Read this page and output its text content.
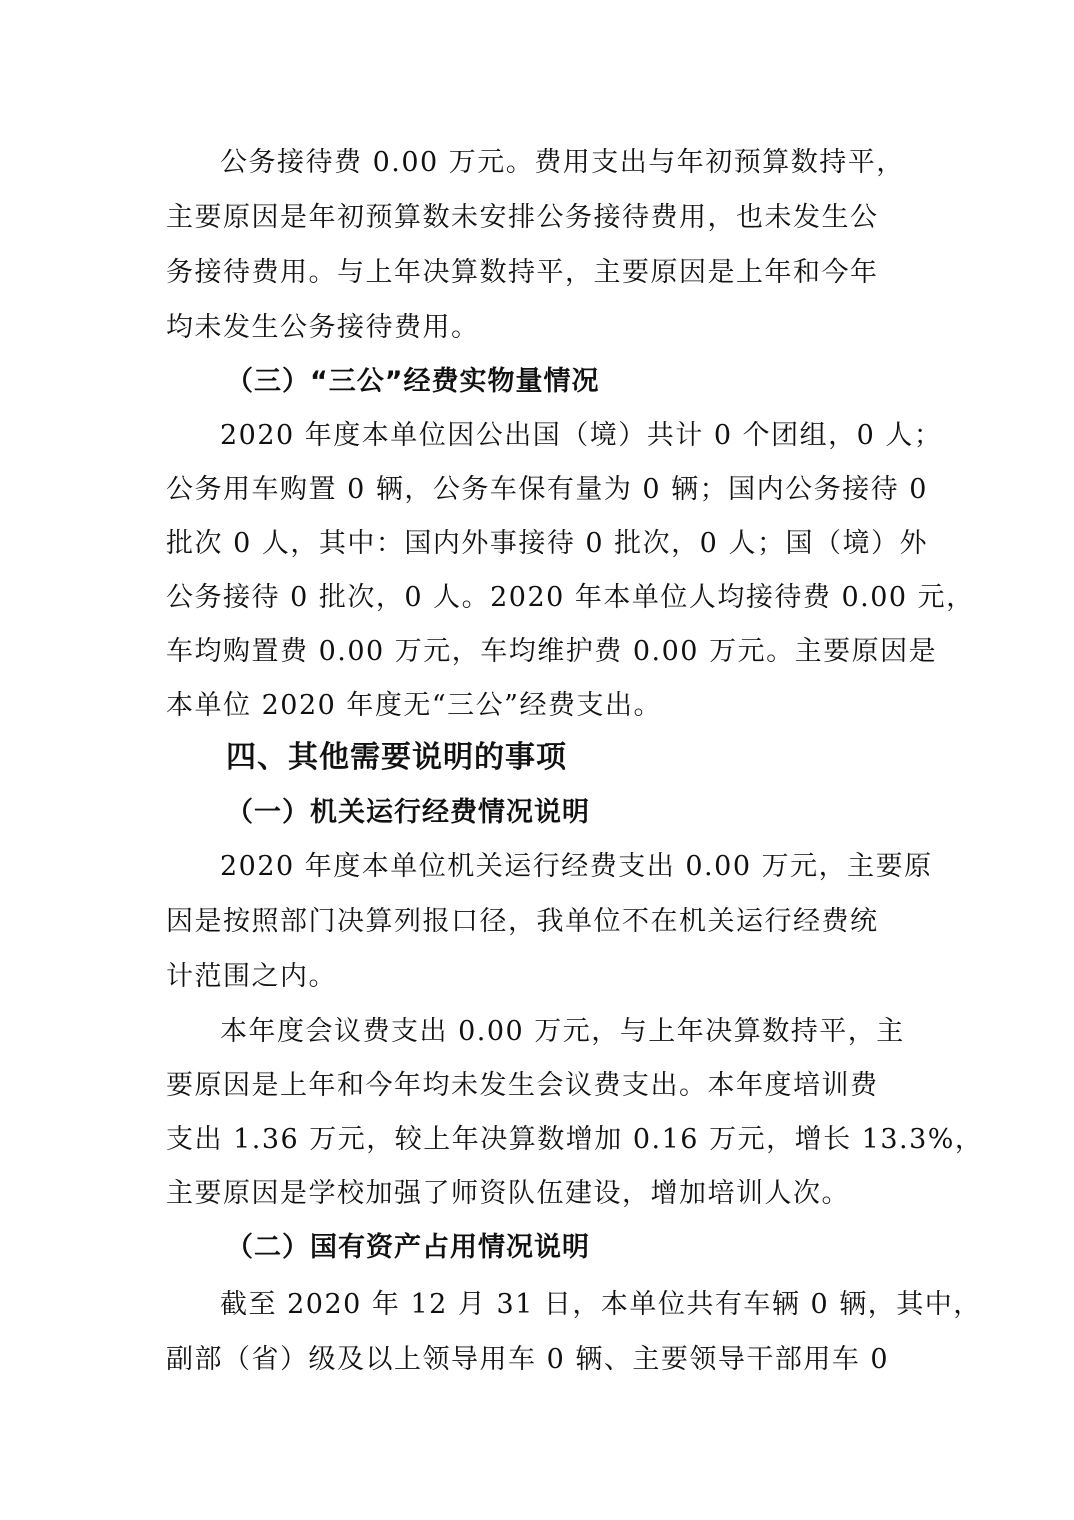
公务接待费 0.00 万元。费用支出与年初预算数持平，
主要原因是年初预算数未安排公务接待费用，也未发生公
务接待费用。与上年决算数持平，主要原因是上年和今年
均未发生公务接待费用。
（三）“三公”经费实物量情况
2020 年度本单位因公出国（境）共计 0 个团组，0 人；
公务用车购置 0 辆，公务车保有量为 0 辆；国内公务接待 0
批次 0 人，其中：国内外事接待 0 批次，0 人；国（境）外
公务接待 0 批次，0 人。2020 年本单位人均接待费 0.00 元，
车均购置费 0.00 万元，车均维护费 0.00 万元。主要原因是
本单位 2020 年度无“三公”经费支出。
四、其他需要说明的事项
（一）机关运行经费情况说明
2020 年度本单位机关运行经费支出 0.00 万元，主要原
因是按照部门决算列报口径，我单位不在机关运行经费统
计范围之内。
本年度会议费支出 0.00 万元，与上年决算数持平，主
要原因是上年和今年均未发生会议费支出。本年度培训费
支出 1.36 万元，较上年决算数增加 0.16 万元，增长 13.3%，
主要原因是学校加强了师资队伍建设，增加培训人次。
（二）国有资产占用情况说明
截至 2020 年 12 月 31 日，本单位共有车辆 0 辆，其中，
副部（省）级及以上领导用车 0 辆、主要领导干部用车 0
